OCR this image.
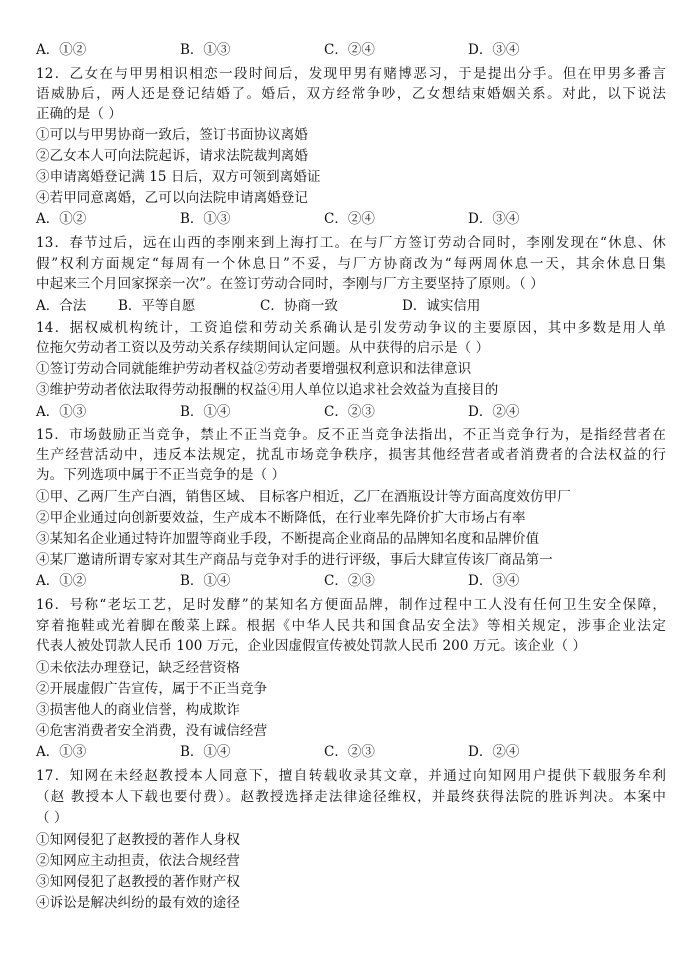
A．①②	B．①③	C．②④	D．③④
12．乙女在与甲男相识相恋一段时间后，发现甲男有赌博恶习，于是提出分手。但在甲男多番言
语威胁后，两人还是登记结婚了。婚后，双方经常争吵，乙女想结束婚姻关系。对此，以下说法
正确的是（ ）
①可以与甲男协商一致后，签订书面协议离婚
②乙女本人可向法院起诉，请求法院裁判离婚
③申请离婚登记满 15 日后，双方可领到离婚证
④若甲同意离婚，乙可以向法院申请离婚登记
A．①②	B．①③	C．②④	D．③④
13．春节过后，远在山西的李刚来到上海打工。在与厂方签订劳动合同时，李刚发现在“休息、休
假”权利方面规定“每周有一个休息日”不妥，与厂方协商改为“每两周休息一天，其余休息日集
中起来三个月回家探亲一次”。在签订劳动合同时，李刚与厂方主要坚持了原则。（ ）
A．合法 B．平等自愿	C．协商一致	D．诚实信用
14．据权威机构统计，工资追偿和劳动关系确认是引发劳动争议的主要原因，其中多数是用人单
位拖欠劳动者工资以及劳动关系存续期间认定问题。从中获得的启示是（ ）
①签订劳动合同就能维护劳动者权益②劳动者要增强权利意识和法律意识
③维护劳动者依法取得劳动报酬的权益④用人单位以追求社会效益为直接目的
A．①③	B．①④	C．②③	D．②④
15．市场鼓励正当竞争，禁止不正当竞争。反不正当竞争法指出，不正当竞争行为，是指经营者在
生产经营活动中，违反本法规定，扰乱市场竞争秩序，损害其他经营者或者消费者的合法权益的行
为。下列选项中属于不正当竞争的是（ ）
①甲、乙两厂生产白酒，销售区域、 目标客户相近，乙厂在酒瓶设计等方面高度效仿甲厂
②甲企业通过向创新要效益，生产成本不断降低，在行业率先降价扩大市场占有率
③某知名企业通过特许加盟等商业手段，不断提高企业商品的品牌知名度和品牌价值
④某厂邀请所谓专家对其生产商品与竞争对手的进行评级，事后大肆宣传该厂商品第一
A．①②	B．①④	C．②③	D．③④
16．号称“老坛工艺，足时发酵”的某知名方便面品牌，制作过程中工人没有任何卫生安全保障，
穿着拖鞋或光着脚在酸菜上踩。根据《中华人民共和国食品安全法》等相关规定，涉事企业法定
代表人被处罚款人民币 100 万元，企业因虚假宣传被处罚款人民币 200 万元。该企业（ ）
①未依法办理登记，缺乏经营资格
②开展虚假广告宣传，属于不正当竞争
③损害他人的商业信誉，构成欺诈
④危害消费者安全消费，没有诚信经营
A．①③	B．①④	C．②③	D．②④
17．知网在未经赵教授本人同意下，擅自转载收录其文章，并通过向知网用户提供下载服务牟利
（赵 教授本人下载也要付费）。赵教授选择走法律途径维权，并最终获得法院的胜诉判决。本案中
（ ）
①知网侵犯了赵教授的著作人身权
②知网应主动担责，依法合规经营
③知网侵犯了赵教授的著作财产权
④诉讼是解决纠纷的最有效的途径
